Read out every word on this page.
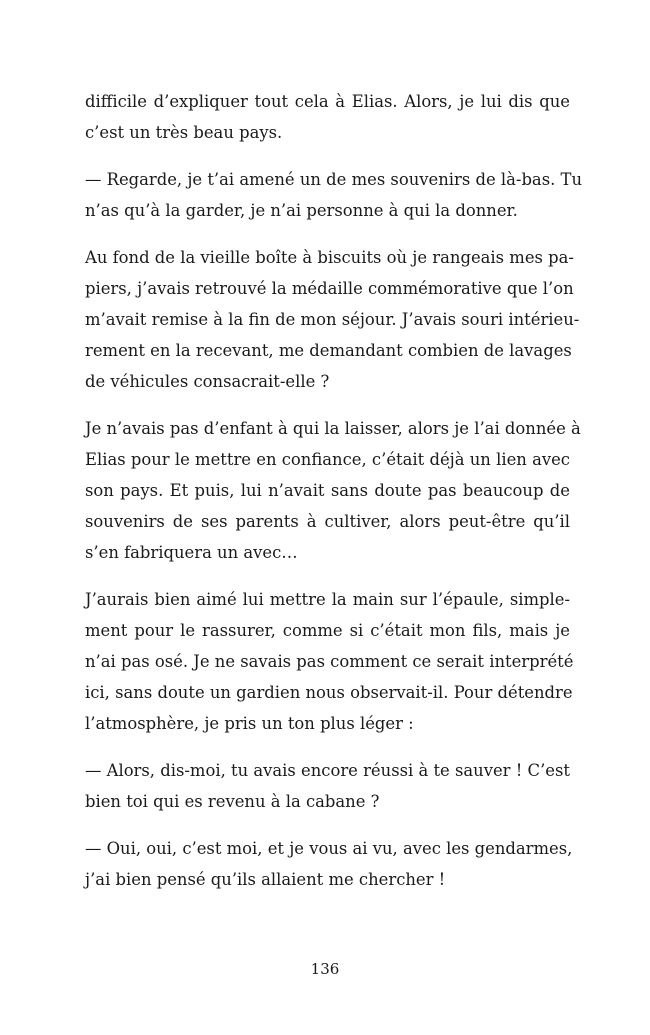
difficile d’expliquer tout cela à Elias. Alors, je lui dis que
c’est un très beau pays.
— Regarde, je t’ai amené un de mes souvenirs de là-bas. Tu
n’as qu’à la garder, je n’ai personne à qui la donner.
Au fond de la vieille boîte à biscuits où je rangeais mes pa-
piers, j’avais retrouvé la médaille commémorative que l’on
m’avait remise à la fin de mon séjour. J’avais souri intérieu-
rement en la recevant, me demandant combien de lavages
de véhicules consacrait-elle ?
Je n’avais pas d’enfant à qui la laisser, alors je l’ai donnée à
Elias pour le mettre en confiance, c’était déjà un lien avec
son pays. Et puis, lui n’avait sans doute pas beaucoup de
souvenirs de ses parents à cultiver, alors peut-être qu’il
s’en fabriquera un avec…
J’aurais bien aimé lui mettre la main sur l’épaule, simple-
ment pour le rassurer, comme si c’était mon fils, mais je
n’ai pas osé. Je ne savais pas comment ce serait interprété
ici, sans doute un gardien nous observait-il. Pour détendre
l’atmosphère, je pris un ton plus léger :
— Alors, dis-moi, tu avais encore réussi à te sauver ! C’est
bien toi qui es revenu à la cabane ?
— Oui, oui, c’est moi, et je vous ai vu, avec les gendarmes,
j’ai bien pensé qu’ils allaient me chercher !
136
